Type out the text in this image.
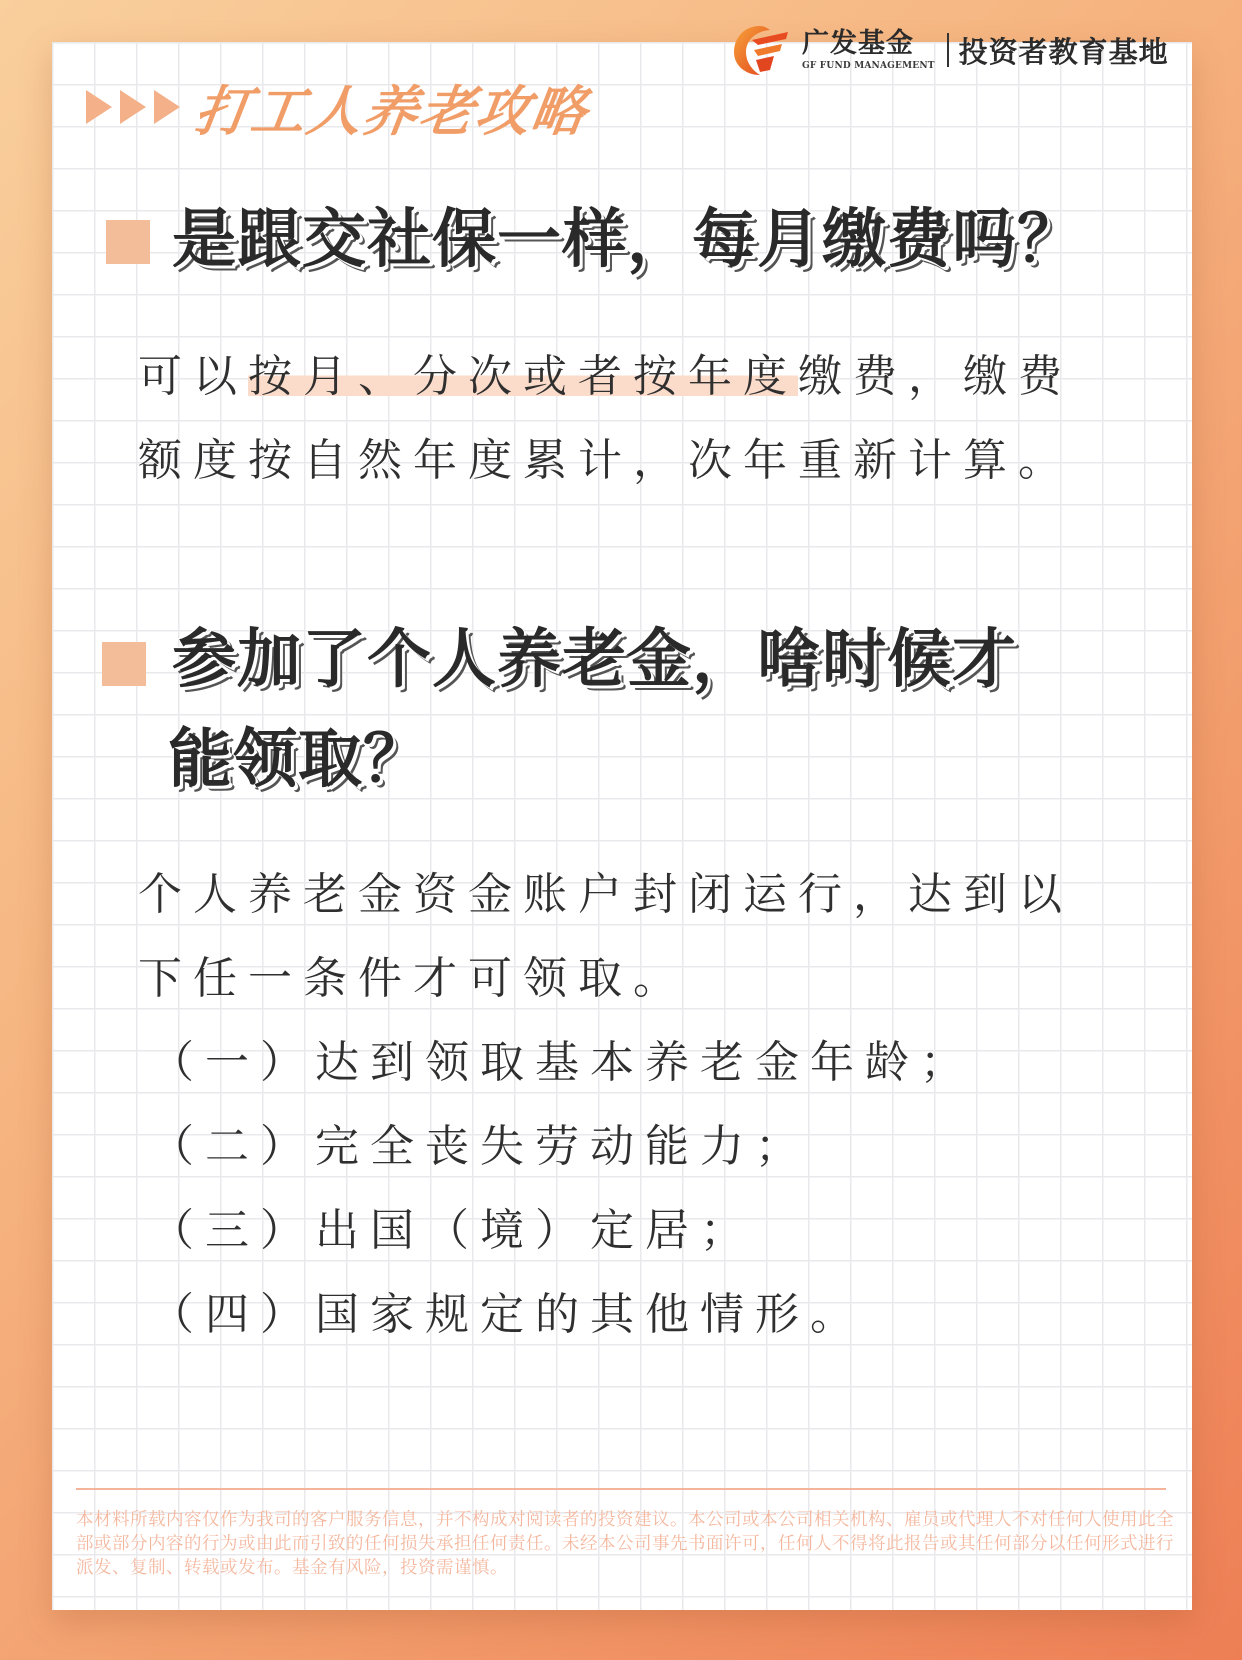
广发基金
GF FUND MANAGEMENT 投资者教育基地
打工人养老攻略
是跟交社保一样，每月缴费吗？
可以按月、分次或者按年度缴费，缴费
额度按自然年度累计，次年重新计算。
参加了个人养老金，啥时候才
能领取？
个人养老金资金账户封闭运行，达到以
下任一条件才可领取。
（一）达到领取基本养老金年龄；
（二）完全丧失劳动能力；
（三）出国（境）定居；
（四）国家规定的其他情形。
本材料所载内容仅作为我司的客户服务信息，并不构成对阅读者的投资建议。本公司或本公司相关机构、雇员或代理人不对任何人使用此全部或部分内容的行为或由此而引致的任何损失承担任何责任。未经本公司事先书面许可，任何人不得将此报告或其任何部分以任何形式进行派发、复制、转载或发布。基金有风险，投资需谨慎。
